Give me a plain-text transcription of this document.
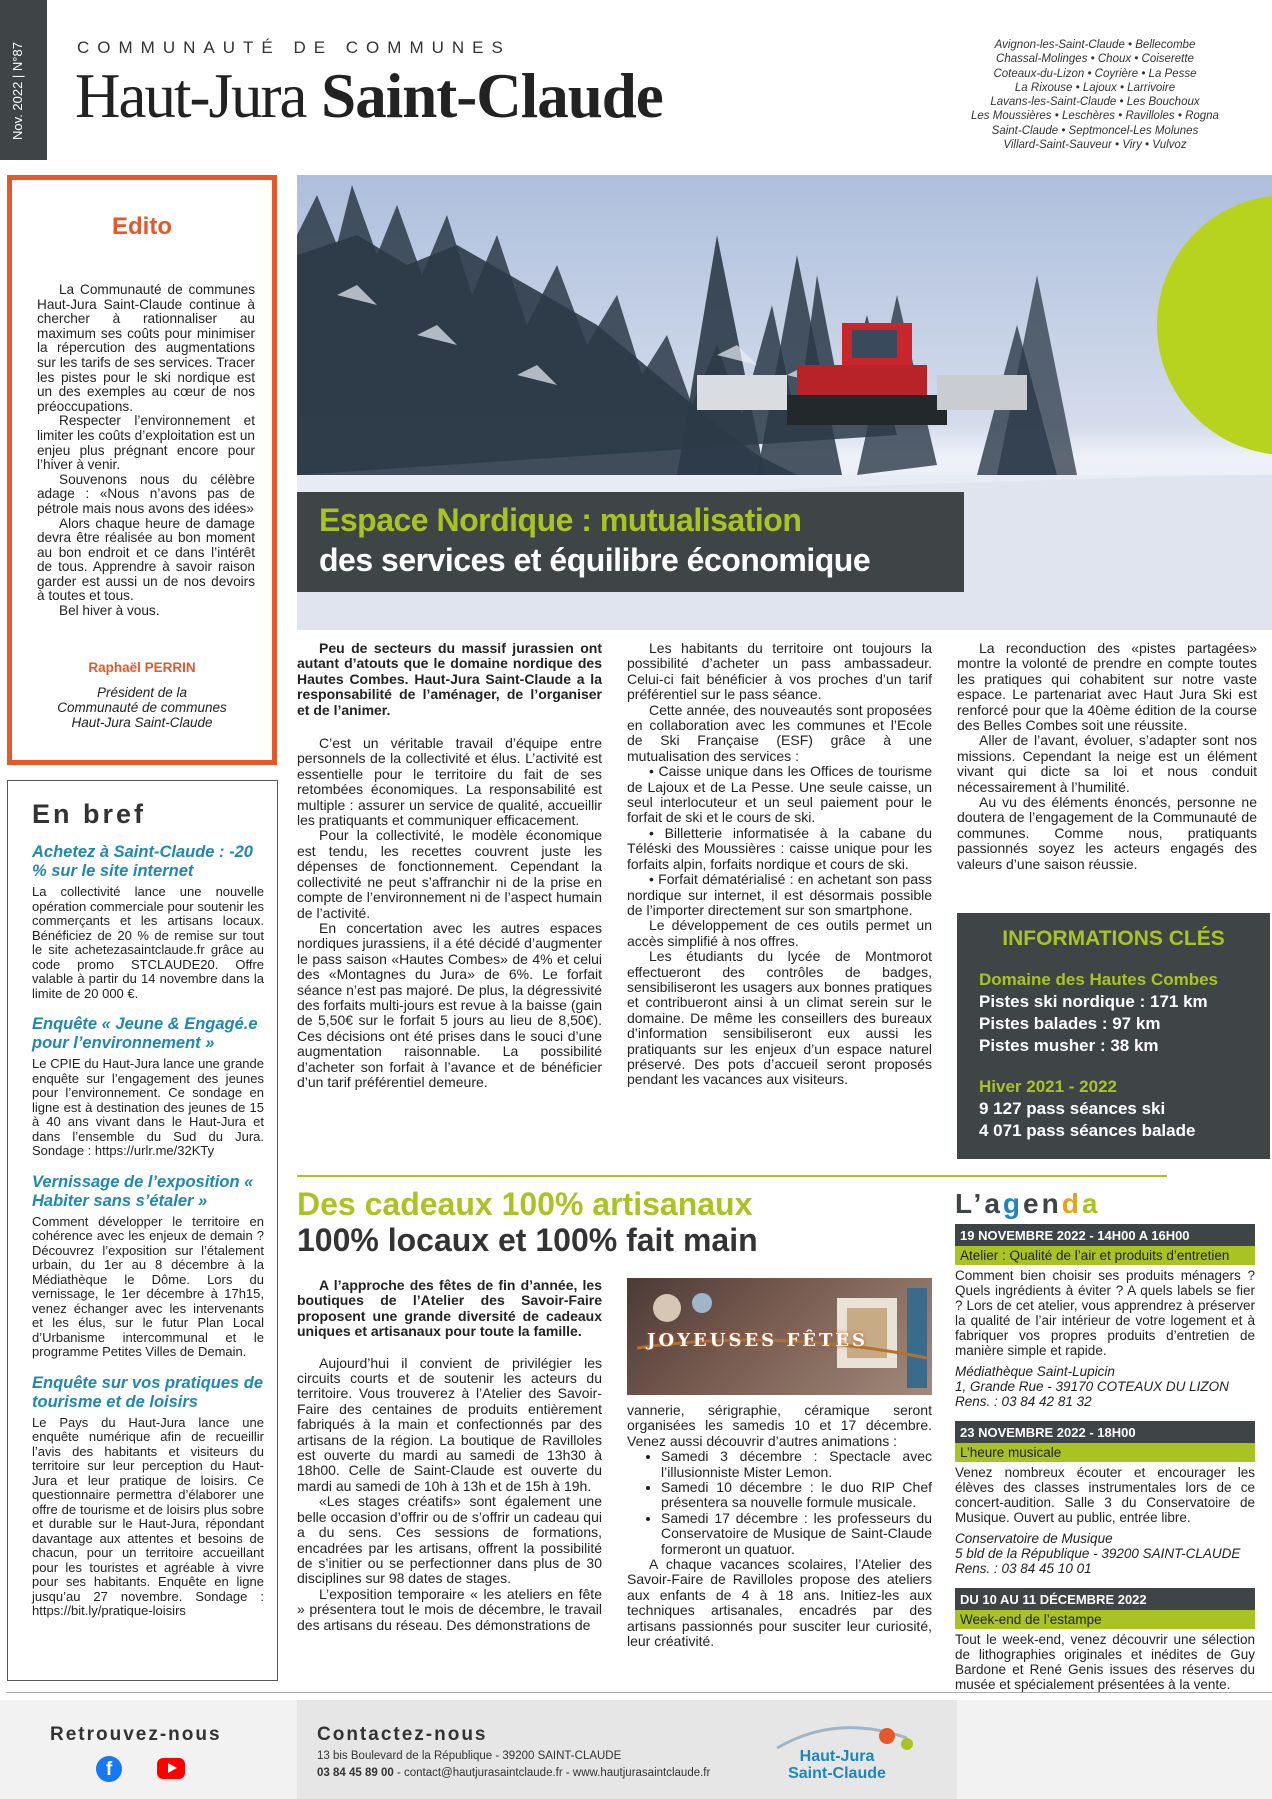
Nov. 2022 | N°87	COMMUNAUTÉ DE COMMUNES
Haut-Jura Saint-Claude
Avignon-les-Saint-Claude • Bellecombe
Chassal-Molinges • Choux • Coiserette
Coteaux-du-Lizon • Coyrière • La Pesse
La Rixouse • Lajoux • Larrivoire
Lavans-les-Saint-Claude • Les Bouchoux
Les Moussières • Leschères • Ravilloles • Rogna
Saint-Claude • Septmoncel-Les Molunes
Villard-Saint-Sauveur • Viry • Vulvoz
Edito

La Communauté de communes Haut-Jura Saint-Claude continue à chercher à rationnaliser au maximum ses coûts pour minimiser la répercution des augmentations sur les tarifs de ses services. Tracer les pistes pour le ski nordique est un des exemples au cœur de nos préoccupations.

Respecter l’environnement et limiter les coûts d’exploitation est un enjeu plus prégnant encore pour l’hiver à venir.

Souvenons nous du célèbre adage : «Nous n’avons pas de pétrole mais nous avons des idées»

Alors chaque heure de damage devra être réalisée au bon moment au bon endroit et ce dans l’intérêt de tous. Apprendre à savoir raison garder est aussi un de nos devoirs à toutes et tous.

Bel hiver à vous.

Raphaël PERRIN
Président de la Communauté de communes Haut-Jura Saint-Claude
En bref
Achetez à Saint-Claude : -20 % sur le site internet
La collectivité lance une nouvelle opération commerciale pour soutenir les commerçants et les artisans locaux. Bénéficiez de 20 % de remise sur tout le site achetezasaintclaude.fr grâce au code promo STCLAUDE20. Offre valable à partir du 14 novembre dans la limite de 20 000 €.
Enquête « Jeune & Engagé.e pour l’environnement »
Le CPIE du Haut-Jura lance une grande enquête sur l’engagement des jeunes pour l’environnement. Ce sondage en ligne est à destination des jeunes de 15 à 40 ans vivant dans le Haut-Jura et dans l’ensemble du Sud du Jura. Sondage : https://urlr.me/32KTy
Vernissage de l’exposition « Habiter sans s’étaler »
Comment développer le territoire en cohérence avec les enjeux de demain ? Découvrez l’exposition sur l’étalement urbain, du 1er au 8 décembre à la Médiathèque le Dôme. Lors du vernissage, le 1er décembre à 17h15, venez échanger avec les intervenants et les élus, sur le futur Plan Local d’Urbanisme intercommunal et le programme Petites Villes de Demain.
Enquête sur vos pratiques de tourisme et de loisirs
Le Pays du Haut-Jura lance une enquête numérique afin de recueillir l’avis des habitants et visiteurs du territoire sur leur perception du Haut-Jura et leur pratique de loisirs. Ce questionnaire permettra d’élaborer une offre de tourisme et de loisirs plus sobre et durable sur le Haut-Jura, répondant davantage aux attentes et besoins de chacun, pour un territoire accueillant pour les touristes et agréable à vivre pour ses habitants. Enquête en ligne jusqu’au 27 novembre. Sondage : https://bit.ly/pratique-loisirs
Espace Nordique : mutualisation
des services et équilibre économique

Peu de secteurs du massif jurassien ont autant d’atouts que le domaine nordique des Hautes Combes. Haut-Jura Saint-Claude a la responsabilité de l’aménager, de l’organiser et de l’animer.

C’est un véritable travail d’équipe entre personnels de la collectivité et élus. L’activité est essentielle pour le territoire du fait de ses retombées économiques. La responsabilité est multiple : assurer un service de qualité, accueillir les pratiquants et communiquer efficacement.

Pour la collectivité, le modèle économique est tendu, les recettes couvrent juste les dépenses de fonctionnement. Cependant la collectivité ne peut s’affranchir ni de la prise en compte de l’environnement ni de l’aspect humain de l’activité.

En concertation avec les autres espaces nordiques jurassiens, il a été décidé d’augmenter le pass saison «Hautes Combes» de 4% et celui des «Montagnes du Jura» de 6%. Le forfait séance n’est pas majoré. De plus, la dégressivité des forfaits multi-jours est revue à la baisse (gain de 5,50€ sur le forfait 5 jours au lieu de 8,50€). Ces décisions ont été prises dans le souci d’une augmentation raisonnable. La possibilité d’acheter son forfait à l’avance et de bénéficier d’un tarif préférentiel demeure.

Les habitants du territoire ont toujours la possibilité d’acheter un pass ambassadeur. Celui-ci fait bénéficier à vos proches d’un tarif préférentiel sur le pass séance.

Cette année, des nouveautés sont proposées en collaboration avec les communes et l’Ecole de Ski Française (ESF) grâce à une mutualisation des services :

• Caisse unique dans les Offices de tourisme de Lajoux et de La Pesse. Une seule caisse, un seul interlocuteur et un seul paiement pour le forfait de ski et le cours de ski.

• Billetterie informatisée à la cabane du Téléski des Moussières : caisse unique pour les forfaits alpin, forfaits nordique et cours de ski.

• Forfait dématérialisé : en achetant son pass nordique sur internet, il est désormais possible de l’importer directement sur son smartphone.

Le développement de ces outils permet un accès simplifié à nos offres.

Les étudiants du lycée de Montmorot effectueront des contrôles de badges, sensibiliseront les usagers aux bonnes pratiques et contribueront ainsi à un climat serein sur le domaine. De même les conseillers des bureaux d’information sensibiliseront eux aussi les pratiquants sur les enjeux d’un espace naturel préservé. Des pots d’accueil seront proposés pendant les vacances aux visiteurs.

La reconduction des «pistes partagées» montre la volonté de prendre en compte toutes les pratiques qui cohabitent sur notre vaste espace. Le partenariat avec Haut Jura Ski est renforcé pour que la 40ème édition de la course des Belles Combes soit une réussite.

Aller de l’avant, évoluer, s’adapter sont nos missions. Cependant la neige est un élément vivant qui dicte sa loi et nous conduit nécessairement à l’humilité.

Au vu des éléments énoncés, personne ne doutera de l’engagement de la Communauté de communes. Comme nous, pratiquants passionnés soyez les acteurs engagés des valeurs d’une saison réussie.

INFORMATIONS CLÉS
Domaine des Hautes Combes
Pistes ski nordique : 171 km
Pistes balades : 97 km
Pistes musher : 38 km
Hiver 2021 - 2022
9 127 pass séances ski
4 071 pass séances balade
Des cadeaux 100% artisanaux
100% locaux et 100% fait main

A l’approche des fêtes de fin d’année, les boutiques de l’Atelier des Savoir-Faire proposent une grande diversité de cadeaux uniques et artisanaux pour toute la famille.

Aujourd’hui il convient de privilégier les circuits courts et de soutenir les acteurs du territoire. Vous trouverez à l’Atelier des Savoir-Faire des centaines de produits entièrement fabriqués à la main et confectionnés par des artisans de la région. La boutique de Ravilloles est ouverte du mardi au samedi de 13h30 à 18h00. Celle de Saint-Claude est ouverte du mardi au samedi de 10h à 13h et de 15h à 19h.

«Les stages créatifs» sont également une belle occasion d’offrir ou de s’offrir un cadeau qui a du sens. Ces sessions de formations, encadrées par les artisans, offrent la possibilité de s’initier ou se perfectionner dans plus de 30 disciplines sur 98 dates de stages.

L’exposition temporaire « les ateliers en fête » présentera tout le mois de décembre, le travail des artisans du réseau. Des démonstrations de

JOYEUSES FÊTES

vannerie, sérigraphie, céramique seront organisées les samedis 10 et 17 décembre. Venez aussi découvrir d’autres animations :

• Samedi 3 décembre : Spectacle avec l’illusionniste Mister Lemon.
• Samedi 10 décembre : le duo RIP Chef présentera sa nouvelle formule musicale.
• Samedi 17 décembre : les professeurs du Conservatoire de Musique de Saint-Claude formeront un quatuor.

A chaque vacances scolaires, l’Atelier des Savoir-Faire de Ravilloles propose des ateliers aux enfants de 4 à 18 ans. Initiez-les aux techniques artisanales, encadrés par des artisans passionnés pour susciter leur curiosité, leur créativité.

L’agenda
19 NOVEMBRE 2022 - 14H00 A 16H00
Atelier : Qualité de l’air et produits d’entretien
Comment bien choisir ses produits ménagers ? Quels ingrédients à éviter ? A quels labels se fier ? Lors de cet atelier, vous apprendrez à préserver la qualité de l’air intérieur de votre logement et à fabriquer vos propres produits d’entretien de manière simple et rapide.
Médiathèque Saint-Lupicin
1, Grande Rue - 39170 COTEAUX DU LIZON
Rens. : 03 84 42 81 32
23 NOVEMBRE 2022 - 18H00
L’heure musicale
Venez nombreux écouter et encourager les élèves des classes instrumentales lors de ce concert-audition. Salle 3 du Conservatoire de Musique. Ouvert au public, entrée libre.
Conservatoire de Musique
5 bld de la République - 39200 SAINT-CLAUDE
Rens. : 03 84 45 10 01
DU 10 AU 11 DÉCEMBRE 2022
Week-end de l’estampe
Tout le week-end, venez découvrir une sélection de lithographies originales et inédites de Guy Bardone et René Genis issues des réserves du musée et spécialement présentées à la vente.
Retrouvez-nous
f
Contactez-nous
13 bis Boulevard de la République - 39200 SAINT-CLAUDE
03 84 45 89 00 - contact@hautjurasaintclaude.fr - www.hautjurasaintclaude.fr
Haut-Jura
Saint-Claude
